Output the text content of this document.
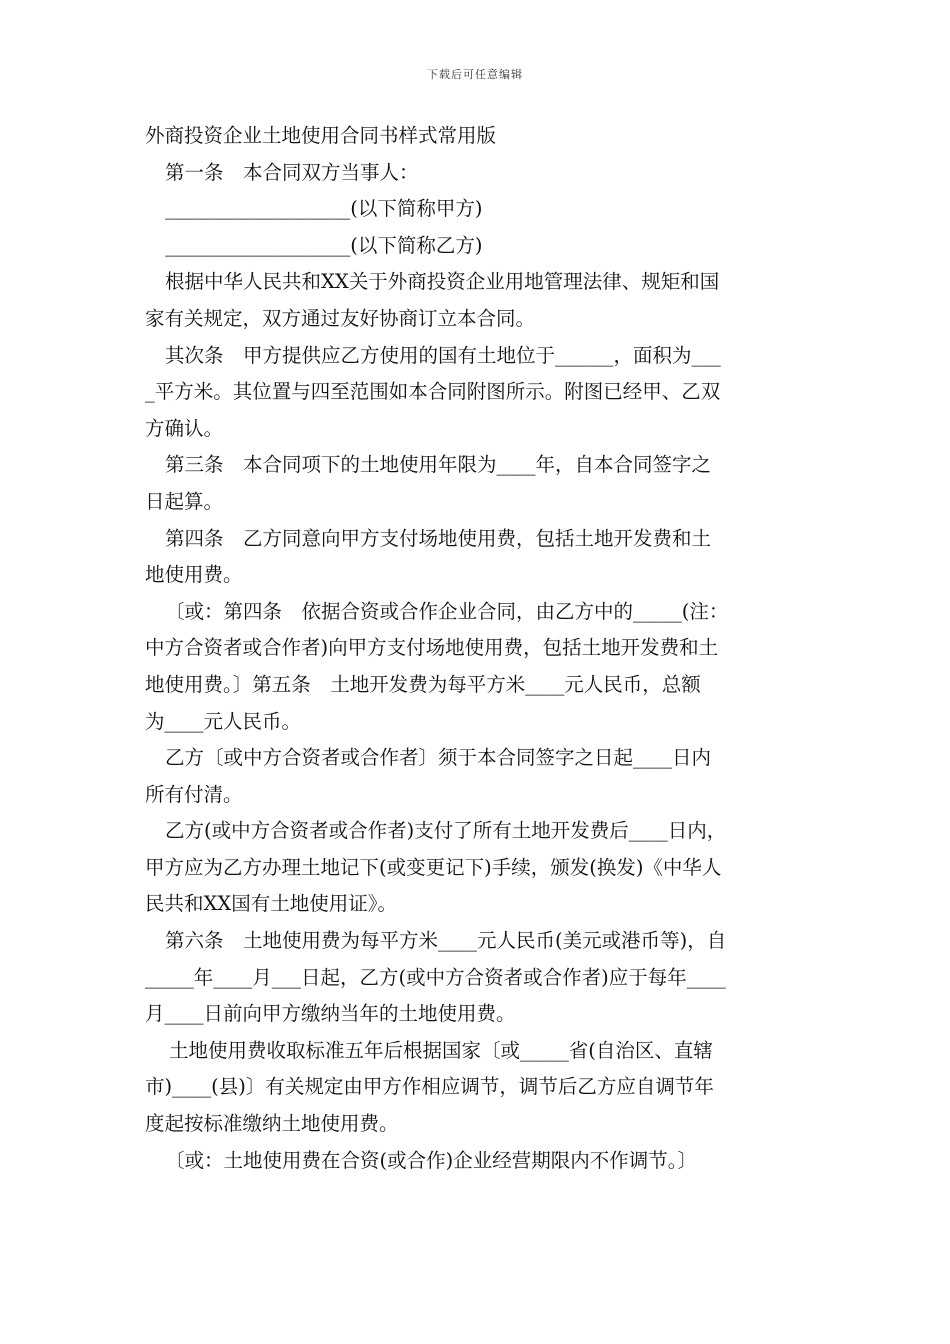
下载后可任意编辑
外商投资企业土地使用合同书样式常用版
第一条　本合同双方当事人：
___________________(以下简称甲方)
___________________(以下简称乙方)
根据中华人民共和XX关于外商投资企业用地管理法律、规矩和国
家有关规定，双方通过友好协商订立本合同。
其次条　甲方提供应乙方使用的国有土地位于______，面积为___
_平方米。其位置与四至范围如本合同附图所示。附图已经甲、乙双
方确认。
第三条　本合同项下的土地使用年限为____年，自本合同签字之
日起算。
第四条　乙方同意向甲方支付场地使用费，包括土地开发费和土
地使用费。
〔或：第四条　依据合资或合作企业合同，由乙方中的_____(注：
中方合资者或合作者)向甲方支付场地使用费，包括土地开发费和土
地使用费。〕第五条　土地开发费为每平方米____元人民币，总额
为____元人民币。
乙方〔或中方合资者或合作者〕须于本合同签字之日起____日内
所有付清。
乙方(或中方合资者或合作者)支付了所有土地开发费后____日内，
甲方应为乙方办理土地记下(或变更记下)手续，颁发(换发)《中华人
民共和XX国有土地使用证》。
第六条　土地使用费为每平方米____元人民币(美元或港币等)，自
_____年____月___日起，乙方(或中方合资者或合作者)应于每年____
月____日前向甲方缴纳当年的土地使用费。
土地使用费收取标准五年后根据国家〔或_____省(自治区、直辖
市)____(县)〕有关规定由甲方作相应调节，调节后乙方应自调节年
度起按标准缴纳土地使用费。
〔或：土地使用费在合资(或合作)企业经营期限内不作调节。〕
